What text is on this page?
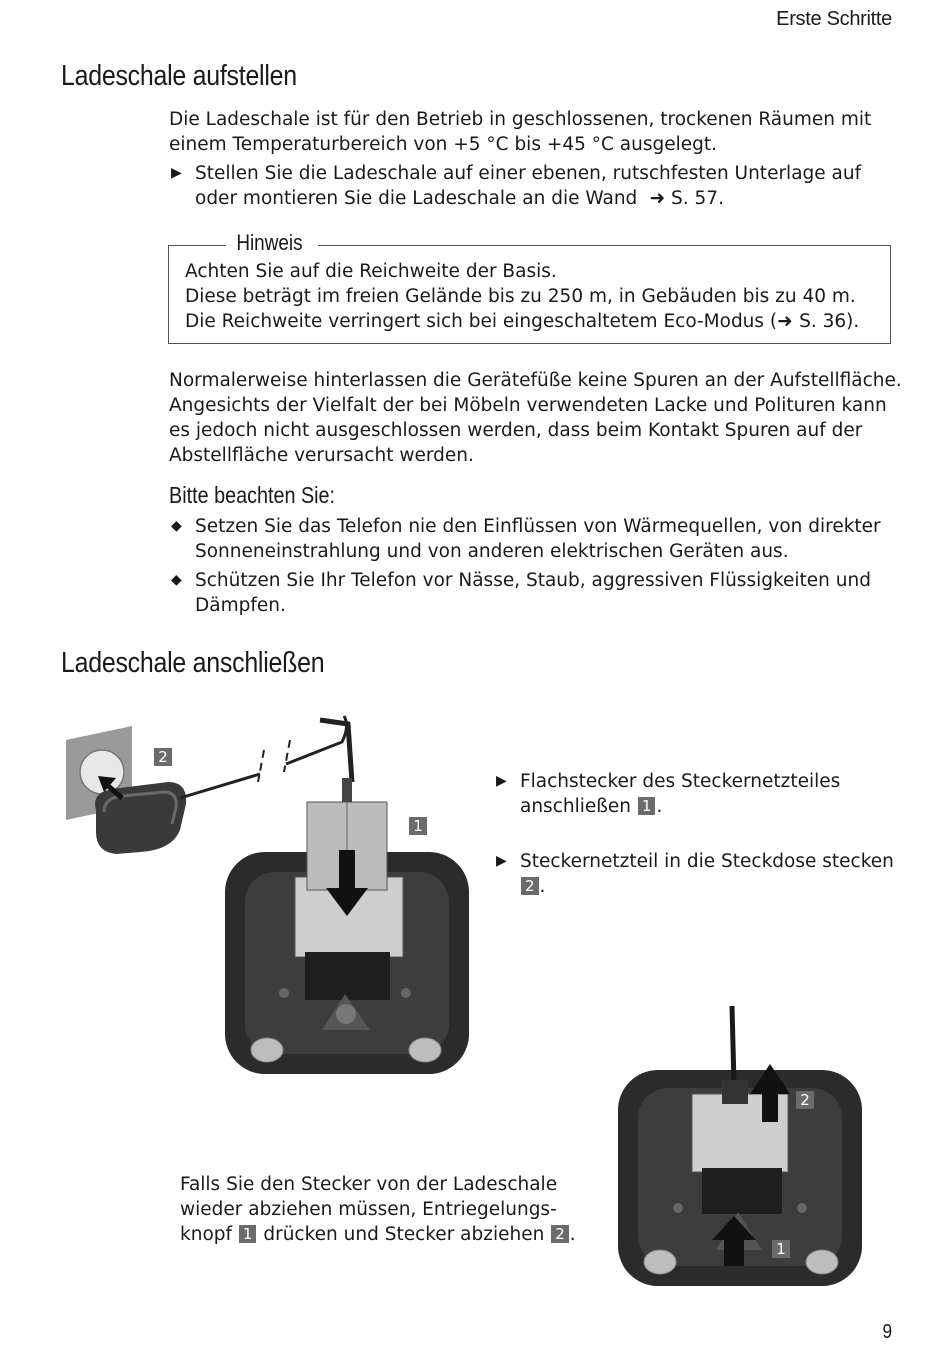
Erste Schritte
Ladeschale aufstellen
Die Ladeschale ist für den Betrieb in geschlossenen, trockenen Räumen mit einem Temperaturbereich von +5 °C bis +45 °C ausgelegt.
▶ Stellen Sie die Ladeschale auf einer ebenen, rutschfesten Unterlage auf oder montieren Sie die Ladeschale an die Wand  ➜ S. 57.
Hinweis
Achten Sie auf die Reichweite der Basis.
Diese beträgt im freien Gelände bis zu 250 m, in Gebäuden bis zu 40 m.
Die Reichweite verringert sich bei eingeschaltetem Eco-Modus (➜ S. 36).
Normalerweise hinterlassen die Gerätefüße keine Spuren an der Aufstellfläche. Angesichts der Vielfalt der bei Möbeln verwendeten Lacke und Polituren kann es jedoch nicht ausgeschlossen werden, dass beim Kontakt Spuren auf der Abstellfläche verursacht werden.
Bitte beachten Sie:
◆ Setzen Sie das Telefon nie den Einflüssen von Wärmequellen, von direkter Sonneneinstrahlung und von anderen elektrischen Geräten aus.
◆ Schützen Sie Ihr Telefon vor Nässe, Staub, aggressiven Flüssigkeiten und Dämpfen.
Ladeschale anschließen
2
1
▶ Flachstecker des Steckernetzteiles anschließen 1 .
▶ Steckernetzteil in die Steckdose stecken 2 .
2
1
Falls Sie den Stecker von der Ladeschale wieder abziehen müssen, Entriegelungs- knopf 1 drücken und Stecker abziehen 2 .
9
